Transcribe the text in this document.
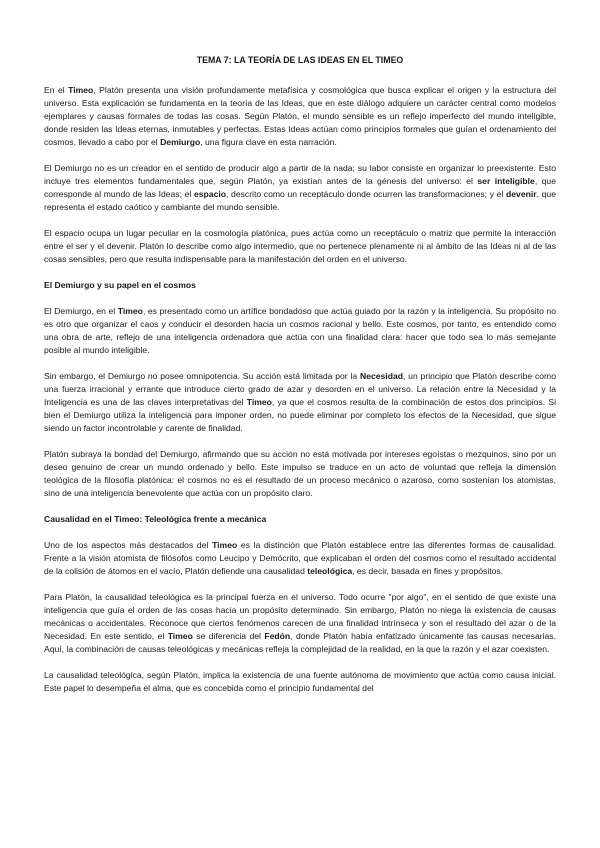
TEMA 7: LA TEORÍA DE LAS IDEAS EN EL TIMEO

En el Timeo, Platón presenta una visión profundamente metafísica y cosmológica que busca explicar el origen y la estructura del universo. Esta explicación se fundamenta en la teoría de las Ideas, que en este diálogo adquiere un carácter central como modelos ejemplares y causas formales de todas las cosas. Según Platón, el mundo sensible es un reflejo imperfecto del mundo inteligible, donde residen las Ideas eternas, inmutables y perfectas. Estas Ideas actúan como principios formales que guían el ordenamiento del cosmos, llevado a cabo por el Demiurgo, una figura clave en esta narración.

El Demiurgo no es un creador en el sentido de producir algo a partir de la nada; su labor consiste en organizar lo preexistente. Esto incluye tres elementos fundamentales que, según Platón, ya existían antes de la génesis del universo: el ser inteligible, que corresponde al mundo de las Ideas; el espacio, descrito como un receptáculo donde ocurren las transformaciones; y el devenir, que representa el estado caótico y cambiante del mundo sensible.

El espacio ocupa un lugar peculiar en la cosmología platónica, pues actúa como un receptáculo o matriz que permite la interacción entre el ser y el devenir. Platón lo describe como algo intermedio, que no pertenece plenamente ni al ámbito de las Ideas ni al de las cosas sensibles, pero que resulta indispensable para la manifestación del orden en el universo.

El Demiurgo y su papel en el cosmos

El Demiurgo, en el Timeo, es presentado como un artífice bondadoso que actúa guiado por la razón y la inteligencia. Su propósito no es otro que organizar el caos y conducir el desorden hacia un cosmos racional y bello. Este cosmos, por tanto, es entendido como una obra de arte, reflejo de una inteligencia ordenadora que actúa con una finalidad clara: hacer que todo sea lo más semejante posible al mundo inteligible.

Sin embargo, el Demiurgo no posee omnipotencia. Su acción está limitada por la Necesidad, un principio que Platón describe como una fuerza irracional y errante que introduce cierto grado de azar y desorden en el universo. La relación entre la Necesidad y la Inteligencia es una de las claves interpretativas del Timeo, ya que el cosmos resulta de la combinación de estos dos principios. Si bien el Demiurgo utiliza la inteligencia para imponer orden, no puede eliminar por completo los efectos de la Necesidad, que sigue siendo un factor incontrolable y carente de finalidad.

Platón subraya la bondad del Demiurgo, afirmando que su acción no está motivada por intereses egoístas o mezquinos, sino por un deseo genuino de crear un mundo ordenado y bello. Este impulso se traduce en un acto de voluntad que refleja la dimensión teológica de la filosofía platónica: el cosmos no es el resultado de un proceso mecánico o azaroso, como sostenían los atomistas, sino de una inteligencia benevolente que actúa con un propósito claro.

Causalidad en el Timeo: Teleológica frente a mecánica

Uno de los aspectos más destacados del Timeo es la distinción que Platón establece entre las diferentes formas de causalidad. Frente a la visión atomista de filósofos como Leucipo y Demócrito, que explicaban el orden del cosmos como el resultado accidental de la colisión de átomos en el vacío, Platón defiende una causalidad teleológica, es decir, basada en fines y propósitos.

Para Platón, la causalidad teleológica es la principal fuerza en el universo. Todo ocurre "por algo", en el sentido de que existe una inteligencia que guía el orden de las cosas hacia un propósito determinado. Sin embargo, Platón no niega la existencia de causas mecánicas o accidentales. Reconoce que ciertos fenómenos carecen de una finalidad intrínseca y son el resultado del azar o de la Necesidad. En este sentido, el Timeo se diferencia del Fedón, donde Platón había enfatizado únicamente las causas necesarias. Aquí, la combinación de causas teleológicas y mecánicas refleja la complejidad de la realidad, en la que la razón y el azar coexisten.

La causalidad teleológica, según Platón, implica la existencia de una fuente autónoma de movimiento que actúa como causa inicial. Este papel lo desempeña el alma, que es concebida como el principio fundamental del
